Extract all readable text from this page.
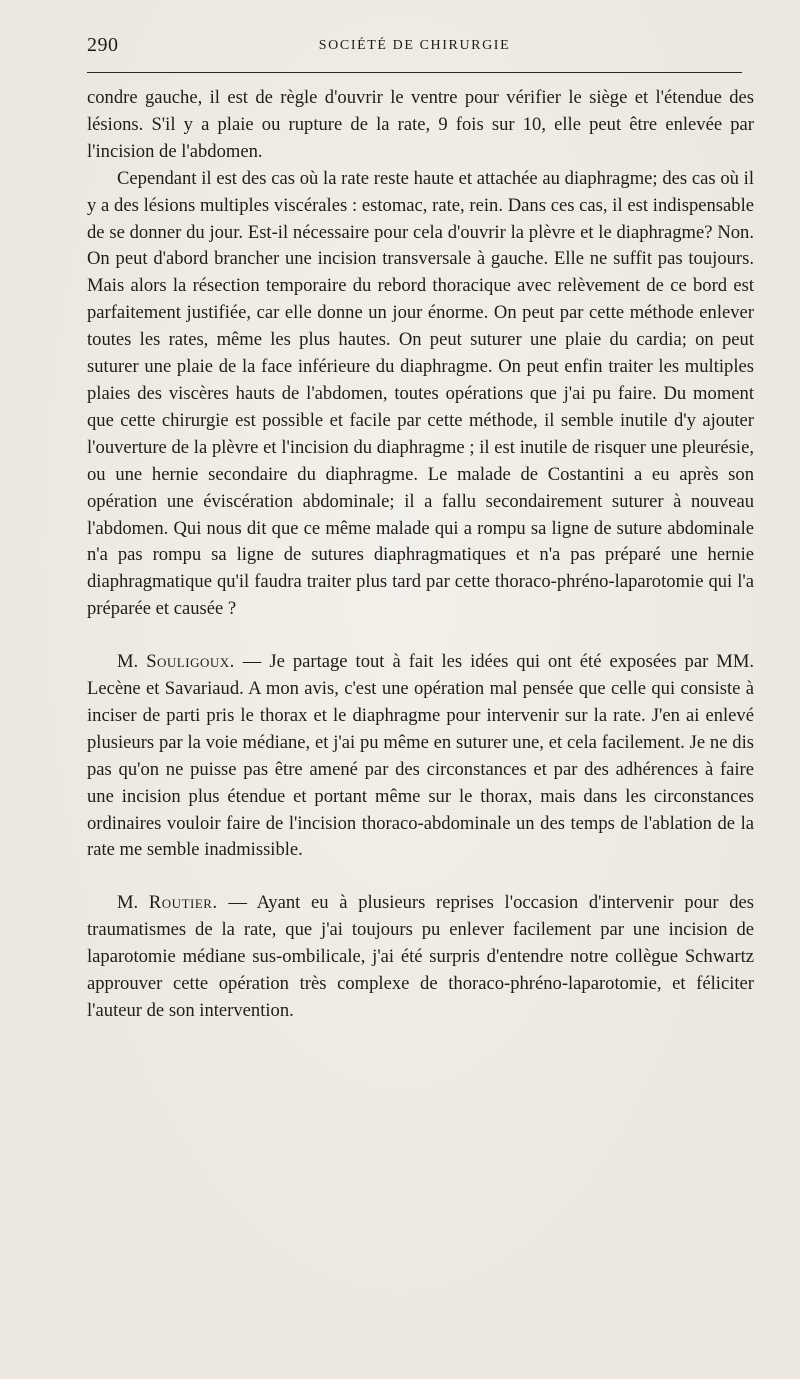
290	SOCIÉTÉ DE CHIRURGIE

condre gauche, il est de règle d'ouvrir le ventre pour vérifier le siège et l'étendue des lésions. S'il y a plaie ou rupture de la rate, 9 fois sur 10, elle peut être enlevée par l'incision de l'abdomen.

Cependant il est des cas où la rate reste haute et attachée au diaphragme; des cas où il y a des lésions multiples viscérales : estomac, rate, rein. Dans ces cas, il est indispensable de se donner du jour. Est-il nécessaire pour cela d'ouvrir la plèvre et le diaphragme? Non. On peut d'abord brancher une incision transversale à gauche. Elle ne suffit pas toujours. Mais alors la résection temporaire du rebord thoracique avec relèvement de ce bord est parfaitement justifiée, car elle donne un jour énorme. On peut par cette méthode enlever toutes les rates, même les plus hautes. On peut suturer une plaie du cardia; on peut suturer une plaie de la face inférieure du diaphragme. On peut enfin traiter les multiples plaies des viscères hauts de l'abdomen, toutes opérations que j'ai pu faire. Du moment que cette chirurgie est possible et facile par cette méthode, il semble inutile d'y ajouter l'ouverture de la plèvre et l'incision du diaphragme ; il est inutile de risquer une pleurésie, ou une hernie secondaire du diaphragme. Le malade de Costantini a eu après son opération une éviscération abdominale; il a fallu secondairement suturer à nouveau l'abdomen. Qui nous dit que ce même malade qui a rompu sa ligne de suture abdominale n'a pas rompu sa ligne de sutures diaphragmatiques et n'a pas préparé une hernie diaphragmatique qu'il faudra traiter plus tard par cette thoraco-phréno-laparotomie qui l'a préparée et causée ?

M. Souligoux. — Je partage tout à fait les idées qui ont été exposées par MM. Lecène et Savariaud. A mon avis, c'est une opération mal pensée que celle qui consiste à inciser de parti pris le thorax et le diaphragme pour intervenir sur la rate. J'en ai enlevé plusieurs par la voie médiane, et j'ai pu même en suturer une, et cela facilement. Je ne dis pas qu'on ne puisse pas être amené par des circonstances et par des adhérences à faire une incision plus étendue et portant même sur le thorax, mais dans les circonstances ordinaires vouloir faire de l'incision thoraco-abdominale un des temps de l'ablation de la rate me semble inadmissible.

M. Routier. — Ayant eu à plusieurs reprises l'occasion d'intervenir pour des traumatismes de la rate, que j'ai toujours pu enlever facilement par une incision de laparotomie médiane sus-ombilicale, j'ai été surpris d'entendre notre collègue Schwartz approuver cette opération très complexe de thoraco-phréno-laparotomie, et féliciter l'auteur de son intervention.
